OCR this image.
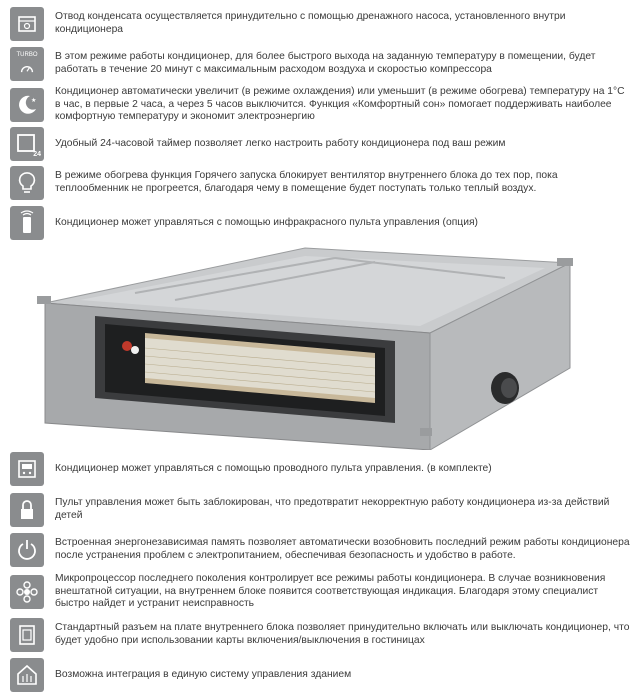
Отвод конденсата осуществляется принудительно с помощью дренажного насоса, установленного внутри кондиционера
TURBO В этом режиме работы кондиционер, для более быстрого выхода на заданную температуру в помещении, будет работать в течение 20 минут с максимальным расходом воздуха и скоростью компрессора
★
Кондиционер автоматически увеличит (в режиме охлаждения) или уменьшит (в режиме обогрева) температуру на 1°C в час, в первые 2 часа, а через 5 часов выключится. Функция «Комфортный сон» помогает поддерживать наиболее комфортную температуру и экономит электроэнергию
24
Удобный 24-часовой таймер позволяет легко настроить работу кондиционера под ваш режим
В режиме обогрева функция Горячего запуска блокирует вентилятор внутреннего блока до тех пор, пока теплообменник не прогреется, благодаря чему в помещение будет поступать только теплый воздух.
Кондиционер может управляться с помощью инфракрасного пульта управления (опция)
Кондиционер может управляться с помощью проводного пульта управления. (в комплекте)
Пульт управления может быть заблокирован, что предотвратит некорректную работу кондиционера из-за действий детей
Встроенная энергонезависимая память позволяет автоматически возобновить последний режим работы кондиционера после устранения проблем с электропитанием, обеспечивая безопасность и удобство в работе.
Микропроцессор последнего поколения контролирует все режимы работы кондиционера. В случае возникновения внештатной ситуации, на внутреннем блоке появится соответствующая индикация. Благодаря этому специалист быстро найдет и устранит неисправность
Стандартный разъем на плате внутреннего блока позволяет принудительно включать или выключать кондиционер, что будет удобно при использовании карты включения/выключения в гостиницах
Возможна интеграция в единую систему управления зданием
